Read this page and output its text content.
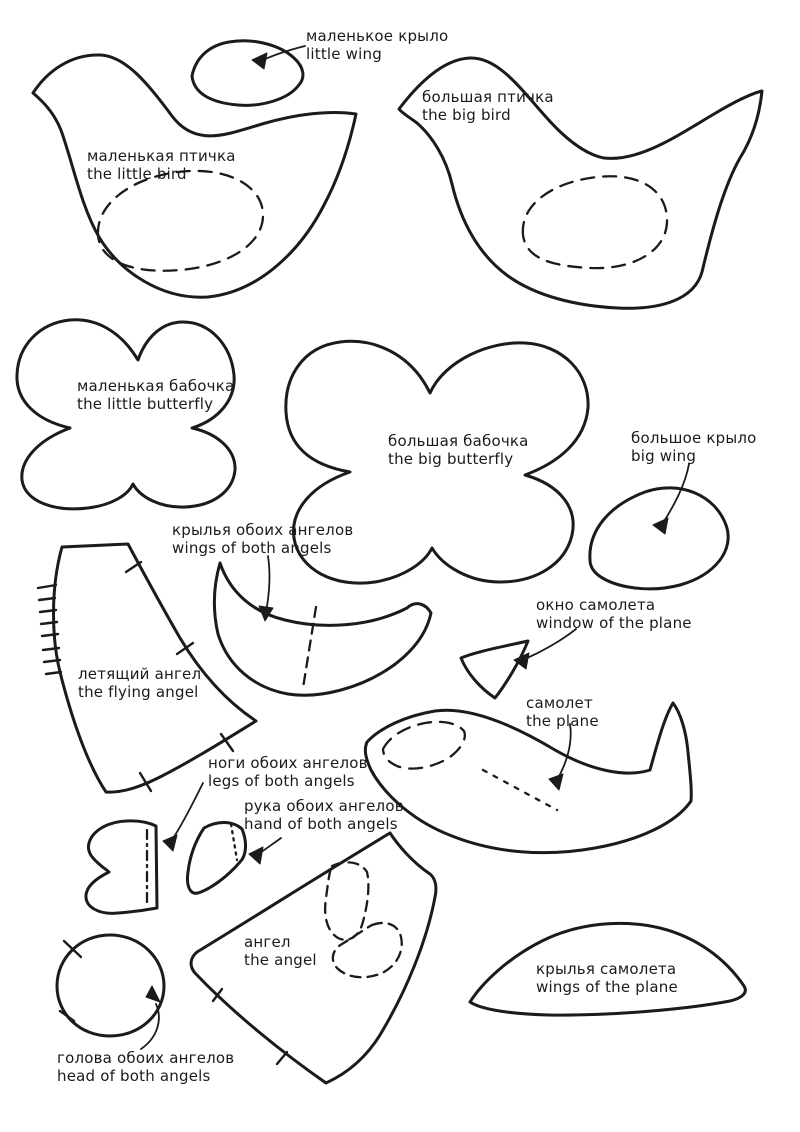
маленькое крыло
little wing
большая птичка
the big bird
маленькая птичка
the little bird
маленькая бабочка
the little butterfly
большая бабочка
the big butterfly
большое крыло
big wing
крылья обоих ангелов
wings of both angels
окно самолета
window of the plane
летящий ангел
the flying angel
самолет
the plane
ноги обоих ангелов
legs of both angels
рука обоих ангелов
hand of both angels
ангел
the angel	крылья самолета
wings of the plane
голова обоих ангелов
head of both angels
